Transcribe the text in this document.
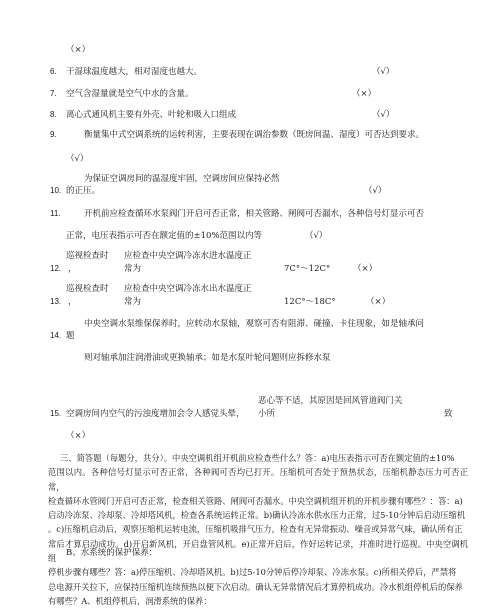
（×）
6. 干湿球温度越大，相对湿度也越大。	（√）
7. 空气含湿量就是空气中水的含量。	（×）
8. 离心式通风机主要有外壳、叶轮和吸入口组成	（√）
9.	衡量集中式空调系统的运转利害，主要表现在调治参数（既房间温、湿度）可否达到要求。
（√）
为保证空调房间的温湿度牢固，空调房间应保持必然
10. 的正压。	（√）
11.	开机前应检查循环水泵阀门开启可否正常，相关管路、闸阀可否漏水，各种信号灯显示可否
正常，电压表指示可否在额定值的±10%范围以内等	（√）
巡视检查时 应检查中央空调冷冻水进水温度正
12. ，	常为	7C°～12C°	（×）
巡视检查时 应检查中央空调冷冻水出水温度正
13. ，	常为	12C°～18C°	（×）
中央空调水泵维保保养时，应转动水泵轴，观察可否有阻滞、碰撞、卡住现象，如是轴承问
14. 题
则对轴承加注润滑油或更换轴承；如是水泵叶轮问题则应拆修水泵
恶心等不适，其原因是回风管道阀门关
15. 空调房间内空气的污浊度增加会令人感觉头晕， 小所	致
（×）

三、简答题（每题分，共分）。中央空调机组开机前应检查些什么？答：a)电压表指示可否在额定值的±10%

范围以内。各种信号灯显示可否正常，各种阀可否均已打开。压缩机可否处于预热状态，压缩机静态压力可否正常，

检查循环水管阀门开启可否正常，检查相关管路、闸阀可否漏水。中央空调机组开机的开机步骤有哪些？：答：a)

启动冷冻泵、冷却泵、冷却塔风机，检查各系统运转正常。b)确认冷冻水供水压力正常，过5-10分钟后启动压缩机

。c)压缩机启动后，观察压缩机运转电流，压缩机吸排气压力，检查有无异常振动、噪音或异常气味，确认所有正

常后才算启动成功。d)开启新风机，开启盘管风机。e)正常开启后，作好运转记录，并准时进行巡视。中央空调机组

停机步骤有哪些？答：a)停压缩机、冷却塔风机。b)过5-10分钟后停冷却泵、冷冻水泵。c)所相关停后，严禁将

总电源开关拉下，应保持压缩机连续预热以便下次启动。确认无异常情况后才算停机成功。冷水机组停机后的保养

有哪些？A、机组停机后，润滑系统的保养：

B、水系统的保护保养：
